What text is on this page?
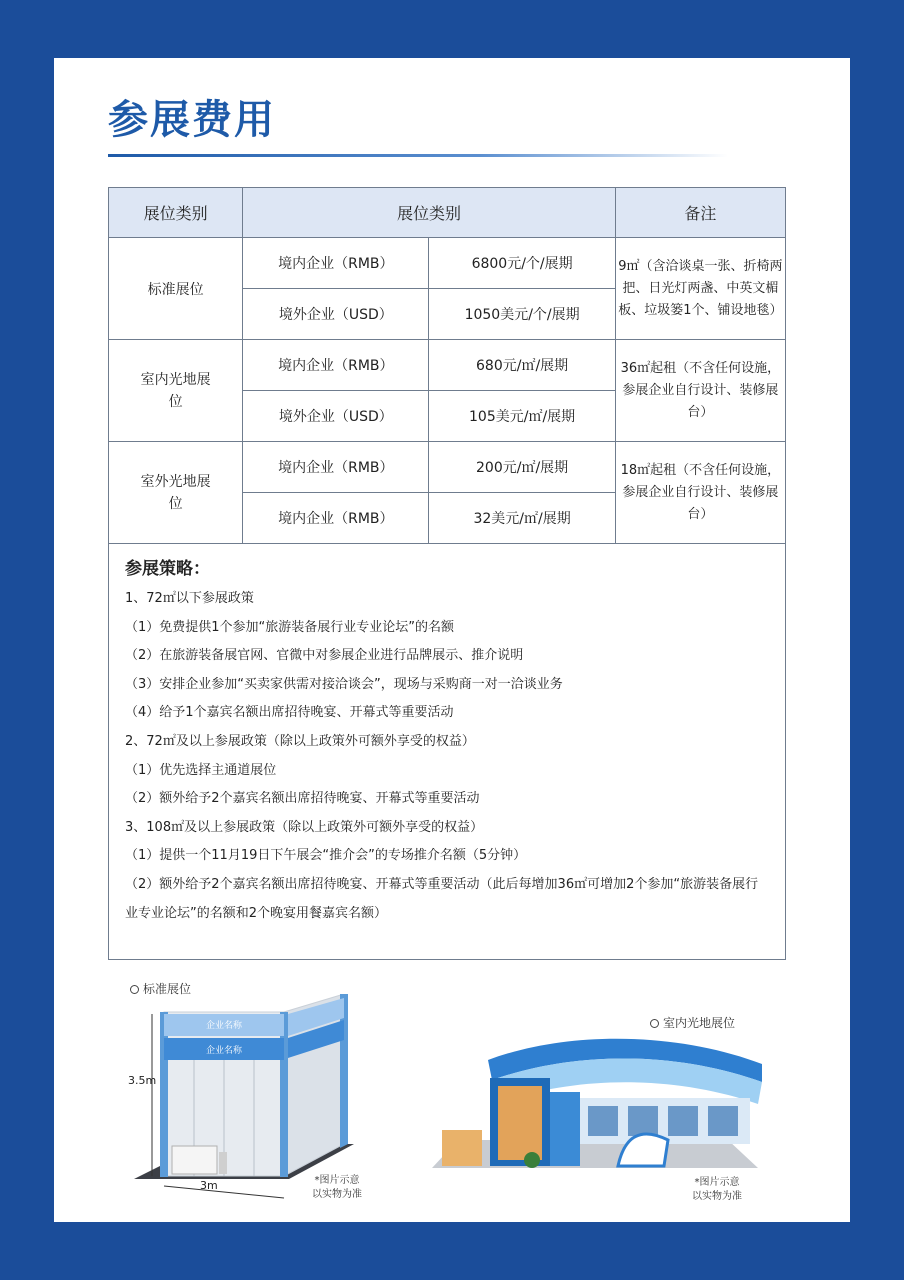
参展费用
展位类别	展位类别		备注
标准展位	境内企业（RMB）	6800元/个/展期	9㎡（含洽谈桌一张、折椅两把、日光灯两盏、中英文楣板、垃圾篓1个、铺设地毯）
	境外企业（USD）	1050美元/个/展期	
室内光地展位	境内企业（RMB）	680元/㎡/展期	36㎡起租（不含任何设施，参展企业自行设计、装修展台）
	境外企业（USD）	105美元/㎡/展期	
室外光地展位	境内企业（RMB）	200元/㎡/展期	18㎡起租（不含任何设施，参展企业自行设计、装修展台）
	境内企业（RMB）	32美元/㎡/展期	
参展策略：
1、72㎡以下参展政策
（1）免费提供1个参加“旅游装备展行业专业论坛”的名额
（2）在旅游装备展官网、官微中对参展企业进行品牌展示、推介说明
（3）安排企业参加“买卖家供需对接洽谈会”，现场与采购商一对一洽谈业务
（4）给予1个嘉宾名额出席招待晚宴、开幕式等重要活动
2、72㎡及以上参展政策（除以上政策外可额外享受的权益）
（1）优先选择主通道展位
（2）额外给予2个嘉宾名额出席招待晚宴、开幕式等重要活动
3、108㎡及以上参展政策（除以上政策外可额外享受的权益）
（1）提供一个11月19日下午展会“推介会”的专场推介名额（5分钟）
（2）额外给予2个嘉宾名额出席招待晚宴、开幕式等重要活动（此后每增加36㎡可增加2个参加“旅游装备展行业专业论坛”的名额和2个晚宴用餐嘉宾名额）
标准展位
企业名称
企业名称
3.5m
3m	*图片示意
以实物为准
室内光地展位
*图片示意
以实物为准
